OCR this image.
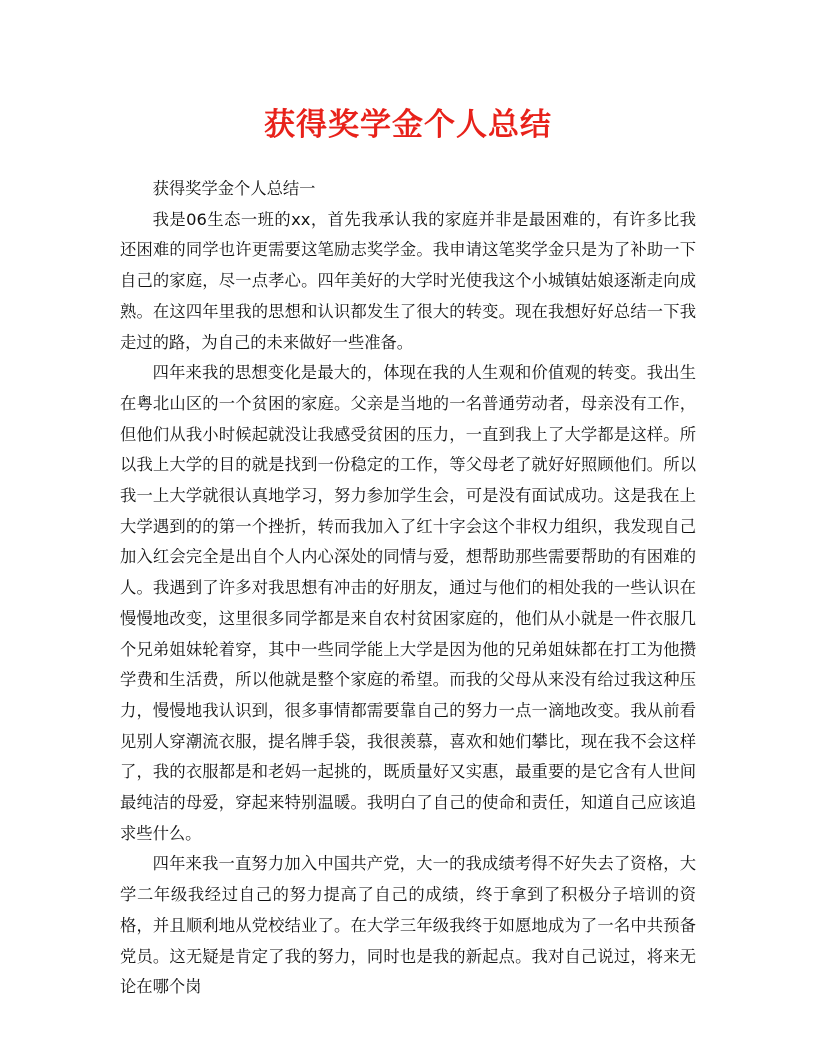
获得奖学金个人总结

获得奖学金个人总结一

我是06生态一班的xx，首先我承认我的家庭并非是最困难的，有许多比我还困难的同学也许更需要这笔励志奖学金。我申请这笔奖学金只是为了补助一下自己的家庭，尽一点孝心。四年美好的大学时光使我这个小城镇姑娘逐渐走向成熟。在这四年里我的思想和认识都发生了很大的转变。现在我想好好总结一下我走过的路，为自己的未来做好一些准备。

四年来我的思想变化是最大的，体现在我的人生观和价值观的转变。我出生在粤北山区的一个贫困的家庭。父亲是当地的一名普通劳动者，母亲没有工作，但他们从我小时候起就没让我感受贫困的压力，一直到我上了大学都是这样。所以我上大学的目的就是找到一份稳定的工作，等父母老了就好好照顾他们。所以我一上大学就很认真地学习，努力参加学生会，可是没有面试成功。这是我在上大学遇到的的第一个挫折，转而我加入了红十字会这个非权力组织，我发现自己加入红会完全是出自个人内心深处的同情与爱，想帮助那些需要帮助的有困难的人。我遇到了许多对我思想有冲击的好朋友，通过与他们的相处我的一些认识在慢慢地改变，这里很多同学都是来自农村贫困家庭的，他们从小就是一件衣服几个兄弟姐妹轮着穿，其中一些同学能上大学是因为他的兄弟姐妹都在打工为他攒学费和生活费，所以他就是整个家庭的希望。而我的父母从来没有给过我这种压力，慢慢地我认识到，很多事情都需要靠自己的努力一点一滴地改变。我从前看见别人穿潮流衣服，提名牌手袋，我很羡慕，喜欢和她们攀比，现在我不会这样了，我的衣服都是和老妈一起挑的，既质量好又实惠，最重要的是它含有人世间最纯洁的母爱，穿起来特别温暖。我明白了自己的使命和责任，知道自己应该追求些什么。

四年来我一直努力加入中国共产党，大一的我成绩考得不好失去了资格，大学二年级我经过自己的努力提高了自己的成绩，终于拿到了积极分子培训的资格，并且顺利地从党校结业了。在大学三年级我终于如愿地成为了一名中共预备党员。这无疑是肯定了我的努力，同时也是我的新起点。我对自己说过，将来无论在哪个岗
